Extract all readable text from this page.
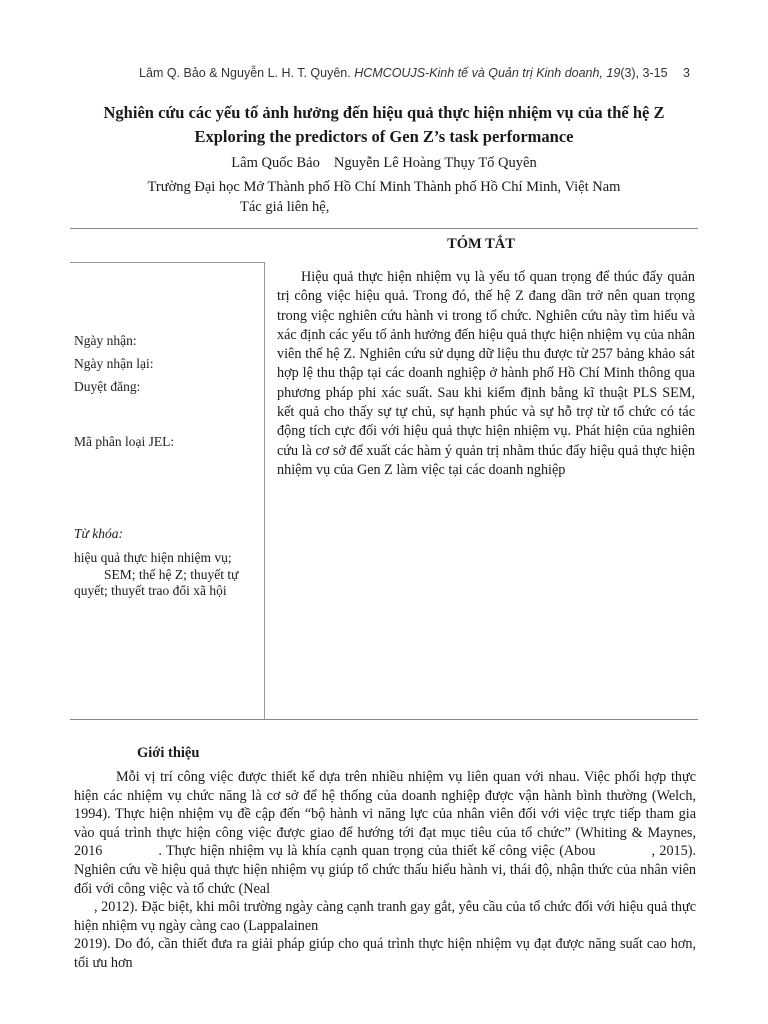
Lâm Q. Bảo & Nguyễn L. H. T. Quyên. HCMCOUJS-Kinh tế và Quản trị Kinh doanh, 19(3), 3-15 3
Nghiên cứu các yếu tố ảnh hưởng đến hiệu quả thực hiện nhiệm vụ của thế hệ Z
Exploring the predictors of Gen Z’s task performance
Lâm Quốc Bảo Nguyễn Lê Hoàng Thụy Tố Quyên
Trường Đại học Mở Thành phố Hồ Chí Minh Thành phố Hồ Chí Minh, Việt Nam
Tác giả liên hệ,
TÓM TẮT

Hiệu quả thực hiện nhiệm vụ là yếu tố quan trọng để thúc đẩy quản trị công việc hiệu quả. Trong đó, thế hệ Z đang dần trở nên quan trọng trong việc nghiên cứu hành vi trong tổ chức. Nghiên cứu này tìm hiểu và xác định các yếu tố ảnh hưởng đến hiệu quả thực hiện nhiệm vụ của nhân viên thế hệ Z. Nghiên cứu sử dụng dữ liệu thu được từ 257 bảng khảo sát hợp lệ thu thập tại các doanh nghiệp ở hành phố Hồ Chí Minh thông qua phương pháp phi xác suất. Sau khi kiểm định bằng kĩ thuật PLS SEM, kết quả cho thấy sự tự chủ, sự hạnh phúc và sự hỗ trợ từ tổ chức có tác động tích cực đối với hiệu quả thực hiện nhiệm vụ. Phát hiện của nghiên cứu là cơ sở để xuất các hàm ý quản trị nhằm thúc đẩy hiệu quả thực hiện nhiệm vụ của Gen Z làm việc tại các doanh nghiệp

Ngày nhận:
Ngày nhận lại:
Duyệt đăng:
Mã phân loại JEL:
Từ khóa:

hiệu quả thực hiện nhiệm vụ;
SEM; thế hệ Z; thuyết tự
quyết; thuyết trao đổi xã hội

Giới thiệu

Mỗi vị trí công việc được thiết kế dựa trên nhiều nhiệm vụ liên quan với nhau. Việc phối hợp thực hiện các nhiệm vụ chức năng là cơ sở để hệ thống của doanh nghiệp được vận hành bình thường (Welch, 1994). Thực hiện nhiệm vụ đề cập đến “bộ hành vi năng lực của nhân viên đối với việc trực tiếp tham gia vào quá trình thực hiện công việc được giao để hướng tới đạt mục tiêu của tổ chức” (Whiting & Maynes, 2016	. Thực hiện nhiệm vụ là khía cạnh quan trọng của thiết kế công việc (Abou	, 2015). Nghiên cứu về hiệu quả thực hiện nhiệm vụ giúp tổ chức thấu hiểu hành vi, thái độ, nhận thức của nhân viên đối với công việc và tổ chức (Neal
, 2012). Đặc biệt, khi môi trường ngày càng cạnh tranh gay gắt, yêu cầu của tổ chức đối với hiệu quả thực hiện nhiệm vụ ngày càng cao (Lappalainen
2019). Do đó, cần thiết đưa ra giải pháp giúp cho quá trình thực hiện nhiệm vụ đạt được năng suất cao hơn, tối ưu hơn
